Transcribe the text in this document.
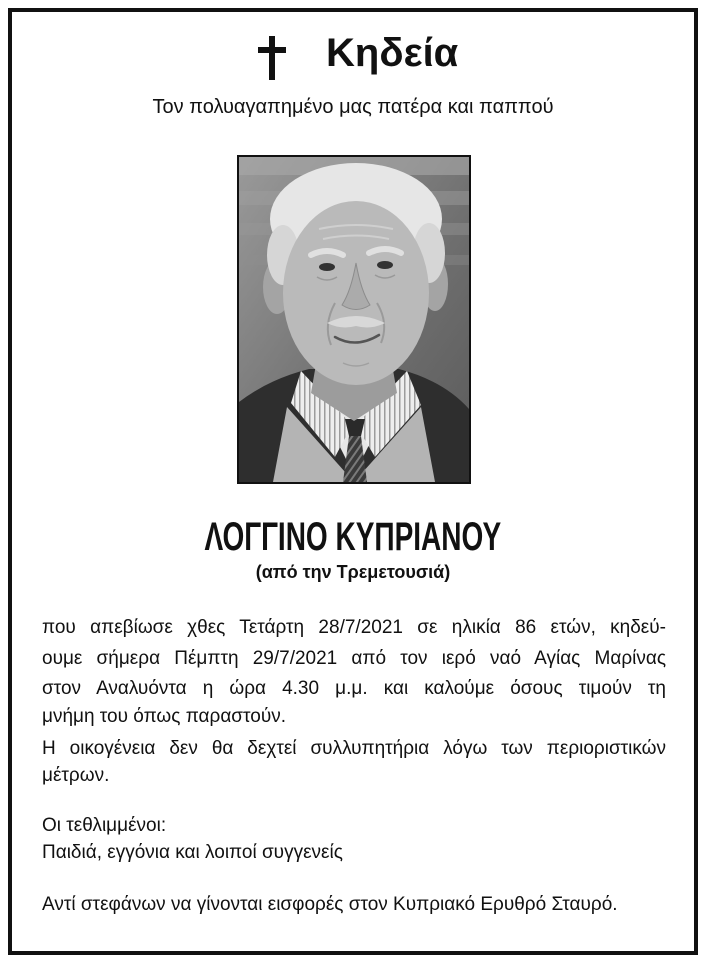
Κηδεία
Τον πολυαγαπημένο μας πατέρα και παππού
ΛΟΓΓΙΝΟ ΚΥΠΡΙΑΝΟΥ
(από την Τρεμετουσιά)
που απεβίωσε χθες Τετάρτη 28/7/2021 σε ηλικία 86 ετών, κηδεύ-
ουμε σήμερα Πέμπτη 29/7/2021 από τον ιερό ναό Αγίας Μαρίνας
στον Αναλυόντα η ώρα 4.30 μ.μ. και καλούμε όσους τιμούν τη
μνήμη του όπως παραστούν.
Η οικογένεια δεν θα δεχτεί συλλυπητήρια λόγω των περιοριστικών
μέτρων.
Οι τεθλιμμένοι:
Παιδιά, εγγόνια και λοιποί συγγενείς
Αντί στεφάνων να γίνονται εισφορές στον Κυπριακό Ερυθρό Σταυρό.
